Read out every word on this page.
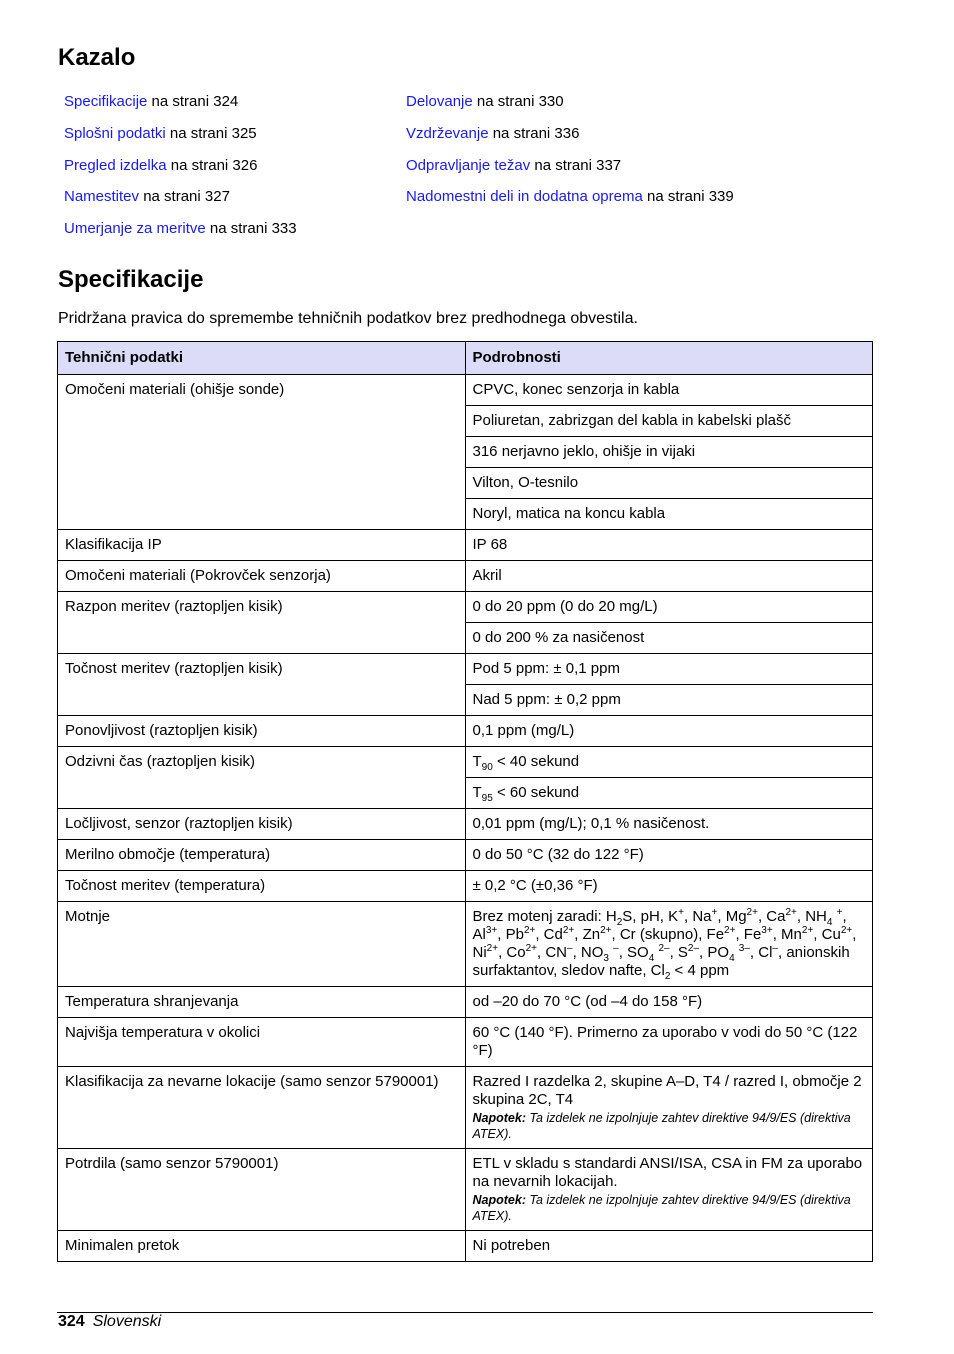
Kazalo
Specifikacije na strani 324
Splošni podatki na strani 325
Pregled izdelka na strani 326
Namestitev na strani 327
Umerjanje za meritve na strani 333
Delovanje na strani 330
Vzdrževanje na strani 336
Odpravljanje težav na strani 337
Nadomestni deli in dodatna oprema na strani 339
Specifikacije
Pridržana pravica do spremembe tehničnih podatkov brez predhodnega obvestila.
Tehnični podatki	Podrobnosti
Omočeni materiali (ohišje sonde)	CPVC, konec senzorja in kabla
	Poliuretan, zabrizgan del kabla in kabelski plašč
	316 nerjavno jeklo, ohišje in vijaki
	Vilton, O-tesnilo
	Noryl, matica na koncu kabla
Klasifikacija IP	IP 68
Omočeni materiali (Pokrovček senzorja)	Akril
Razpon meritev (raztopljen kisik)	0 do 20 ppm (0 do 20 mg/L)
	0 do 200 % za nasičenost
Točnost meritev (raztopljen kisik)	Pod 5 ppm: ± 0,1 ppm
	Nad 5 ppm: ± 0,2 ppm
Ponovljivost (raztopljen kisik)	0,1 ppm (mg/L)
Odzivni čas (raztopljen kisik)	$T_{90} < 40$ sekund
	$T_{95} < 60$ sekund
Ločljivost, senzor (raztopljen kisik)	0,01 ppm (mg/L); 0,1 % nasičenost.
Merilno območje (temperatura)	0 do 50 °C (32 do 122 °F)
Točnost meritev (temperatura)	± 0,2 °C (±0,36 °F)
Motnje	Brez motenj zaradi: $H_2S$, pH, K+, Na+, $Mg^{2+}$, $Ca^{2+}$, $NH_4$ +, $Al^{3+}$, $Pb^{2+}$, $Cd^{2+}$, $Zn^{2+}$, Cr (skupno), $Fe^{2+}$, $Fe^{3+}$, $Mn^{2+}$, $Cu^{2+}$, $Ni^{2+}$, $Co^{2+}$, CN–, $NO_3$ –, $SO_4$ $^{2-}$, $S^{2-}$, $PO_4$ $^{3-}$, Cl–, anionskih surfaktantov, sledov nafte, $Cl_2 < 4$ ppm
Temperatura shranjevanja	od –20 do 70 °C (od –4 do 158 °F)
Najvišja temperatura v okolici	60 °C (140 °F). Primerno za uporabo v vodi do 50 °C (122 °F)
Klasifikacija za nevarne lokacije (samo senzor 5790001)	Razred I razdelka 2, skupine A–D, T4 / razred I, območje 2 skupina 2C, T4
Napotek: Ta izdelek ne izpolnjuje zahtev direktive 94/9/ES (direktiva ATEX).

Potrdila (samo senzor 5790001)	ETL v skladu s standardi ANSI/ISA, CSA in FM za uporabo na nevarnih lokacijah.
Napotek: Ta izdelek ne izpolnjuje zahtev direktive 94/9/ES (direktiva ATEX).

Minimalen pretok	Ni potreben
324 Slovenski
